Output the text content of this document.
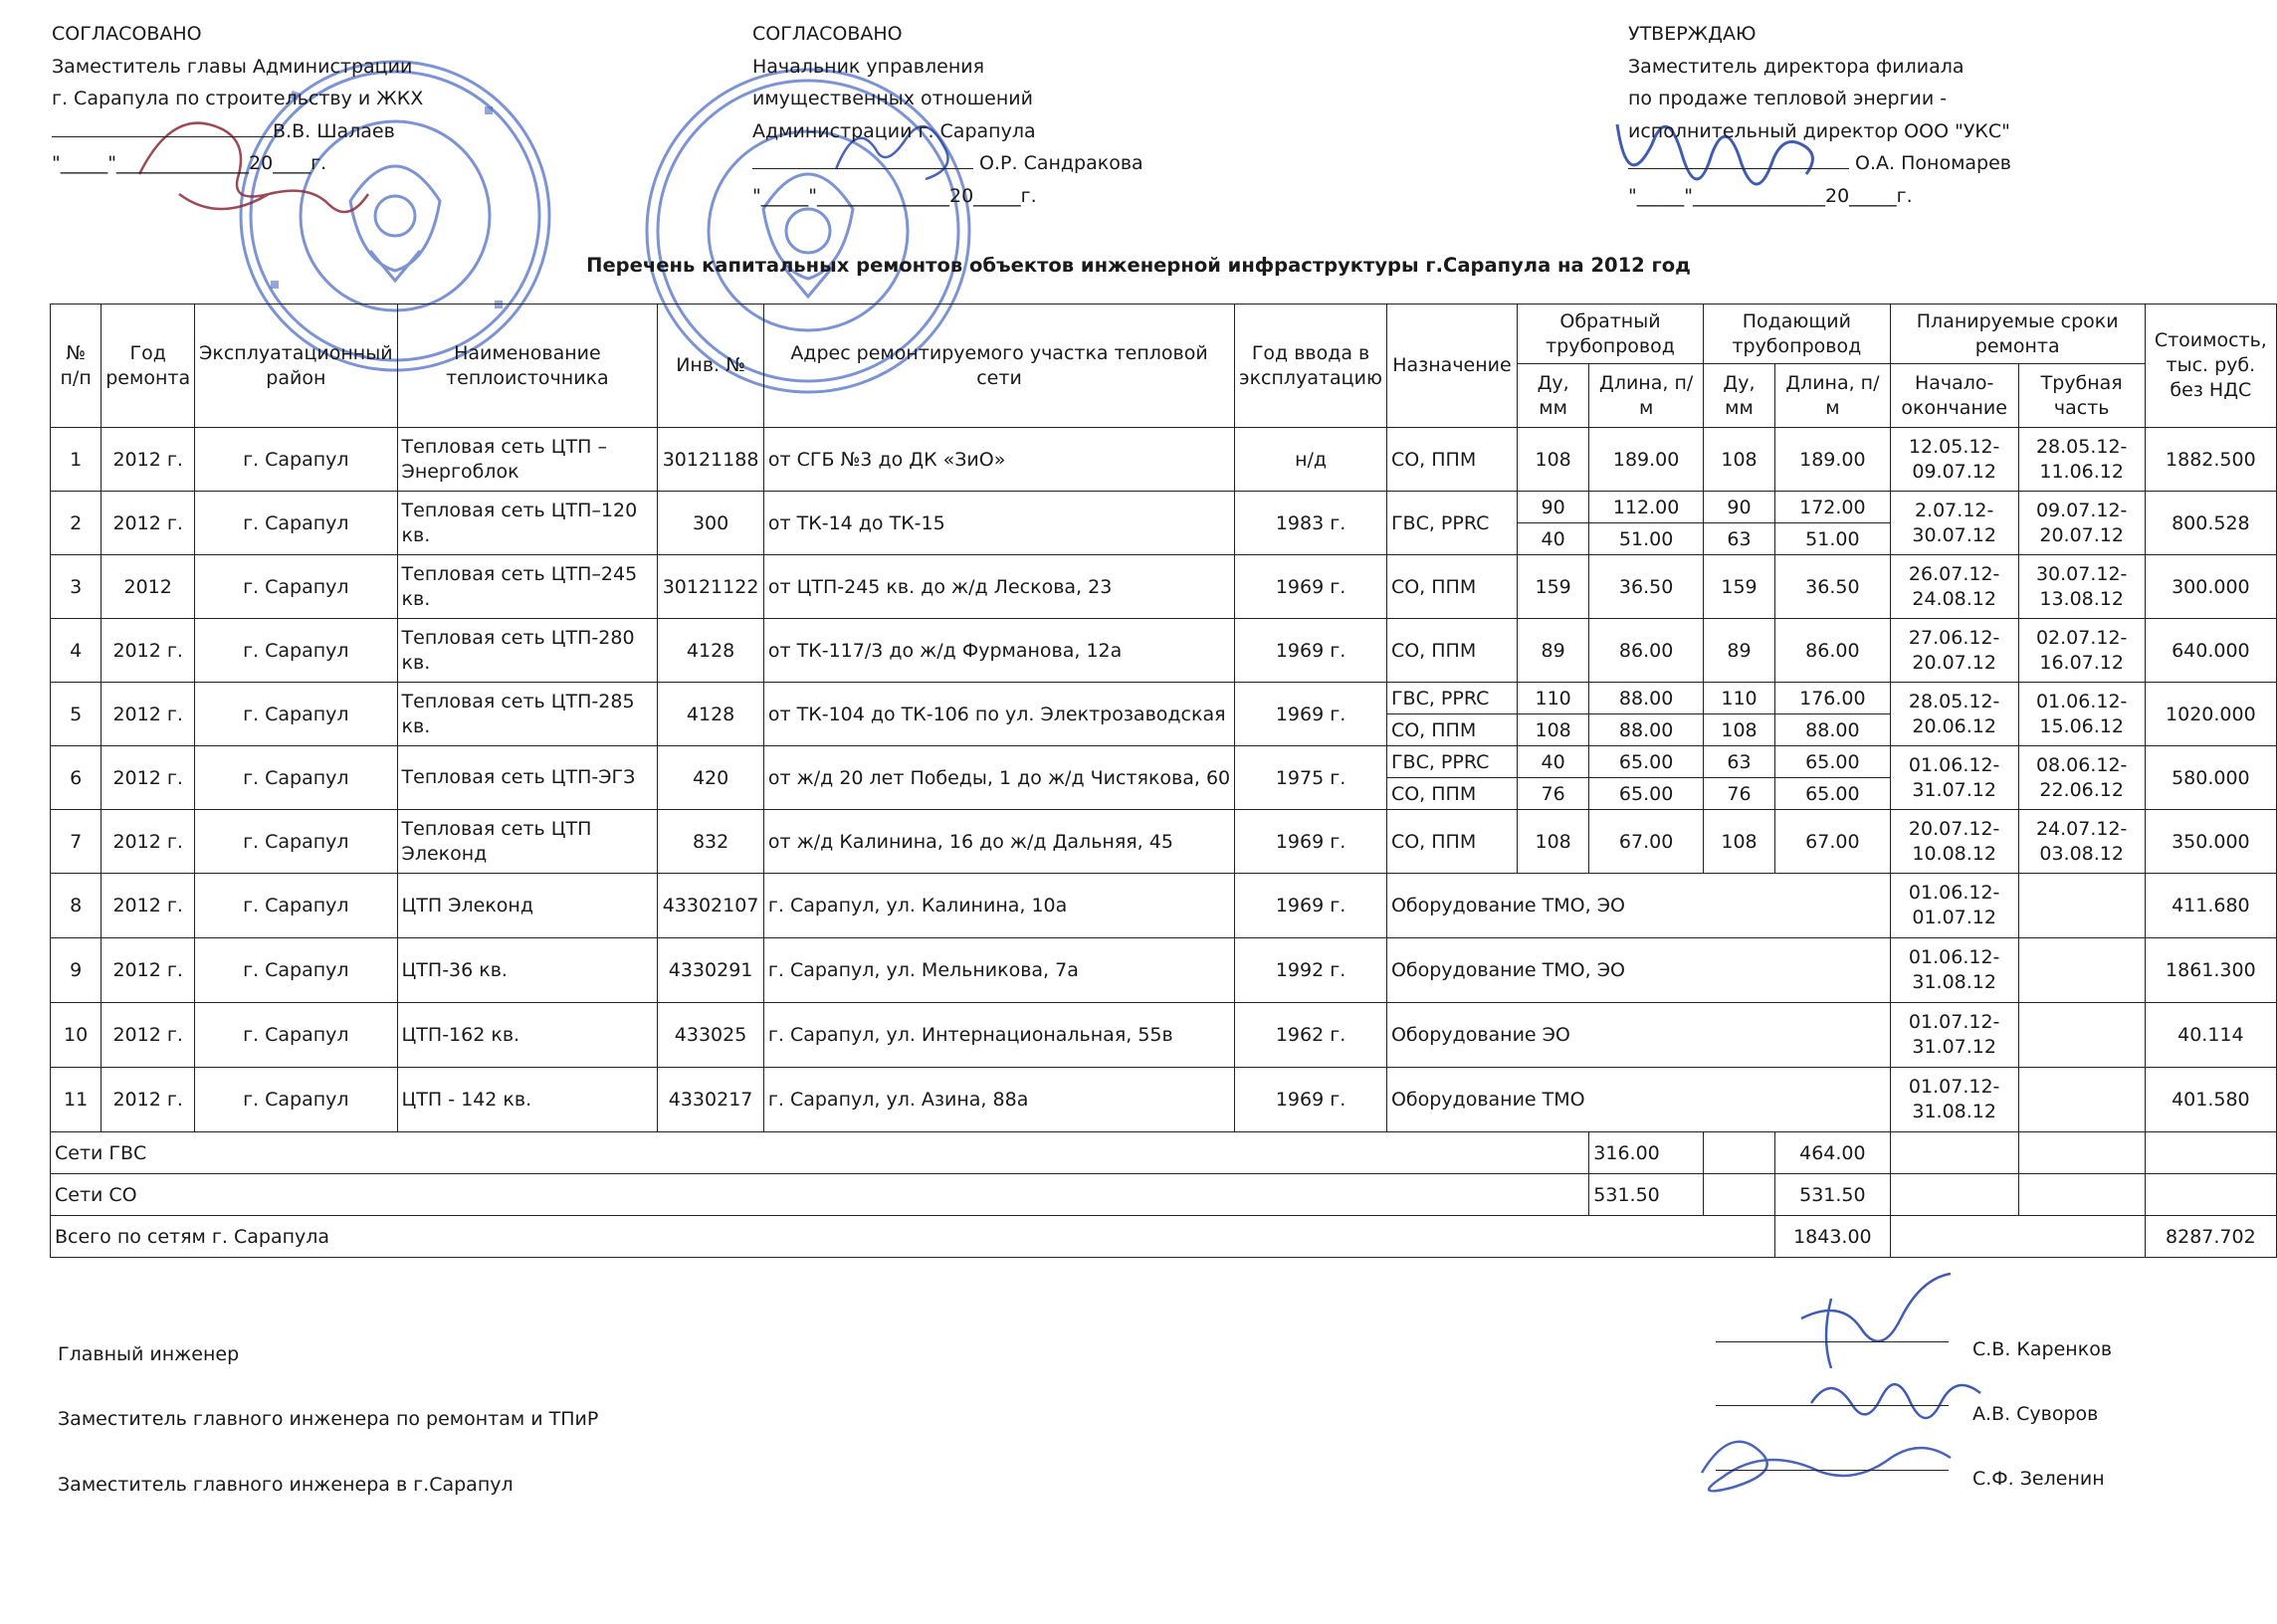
СОГЛАСОВАНО
Заместитель главы Администрации
г. Сарапула по строительству и ЖКХ
В.В. Шалаев
"_____"______________20____г.
СОГЛАСОВАНО
Начальник управления
имущественных отношений
Администрации г. Сарапула
О.Р. Сандракова
"_____"______________20_____г.
УТВЕРЖДАЮ
Заместитель директора филиала
по продаже тепловой энергии -
исполнительный директор ООО "УКС"
О.А. Пономарев
"_____"______________20_____г.
Перечень капитальных ремонтов объектов инженерной инфраструктуры г.Сарапула на 2012 год
№ п/п	Год ремонта	Эксплуатационный район	Наименование теплоисточника	Инв. №	Адрес ремонтируемого участка тепловой сети	Год ввода в эксплуатацию	Назначение	Обратный трубопровод		Подающий трубопровод		Планируемые сроки ремонта		Стоимость, тыс. руб. без НДС
								Ду, мм	Длина, п/м	Ду, мм	Длина, п/м	Начало-окончание	Трубная часть	
1	2012 г.	г. Сарапул	Тепловая сеть ЦТП – Энергоблок	30121188	от СГБ №3 до ДК «ЗиО»	н/д	СО, ППМ	108	189.00	108	189.00	12.05.12-09.07.12	28.05.12-11.06.12	1882.500
2	2012 г.	г. Сарапул	Тепловая сеть ЦТП–120 кв.	300	от ТК-14 до ТК-15	1983 г.	ГВС, PPRC	90	112.00	90	172.00	2.07.12-30.07.12	09.07.12-20.07.12	800.528
								40	51.00	63	51.00			
3	2012	г. Сарапул	Тепловая сеть ЦТП–245 кв.	30121122	от ЦТП-245 кв. до ж/д Лескова, 23	1969 г.	СО, ППМ	159	36.50	159	36.50	26.07.12-24.08.12	30.07.12-13.08.12	300.000
4	2012 г.	г. Сарапул	Тепловая сеть ЦТП-280 кв.	4128	от ТК-117/3 до ж/д Фурманова, 12а	1969 г.	СО, ППМ	89	86.00	89	86.00	27.06.12-20.07.12	02.07.12-16.07.12	640.000
5	2012 г.	г. Сарапул	Тепловая сеть ЦТП-285 кв.	4128	от ТК-104 до ТК-106 по ул. Электрозаводская	1969 г.	ГВС, PPRC	110	88.00	110	176.00	28.05.12-20.06.12	01.06.12-15.06.12	1020.000
							СО, ППМ	108	88.00	108	88.00			
6	2012 г.	г. Сарапул	Тепловая сеть ЦТП-ЭГЗ	420	от ж/д 20 лет Победы, 1 до ж/д Чистякова, 60	1975 г.	ГВС, PPRC	40	65.00	63	65.00	01.06.12-31.07.12	08.06.12-22.06.12	580.000
							СО, ППМ	76	65.00	76	65.00			
7	2012 г.	г. Сарапул	Тепловая сеть ЦТП Элеконд	832	от ж/д Калинина, 16 до ж/д Дальняя, 45	1969 г.	СО, ППМ	108	67.00	108	67.00	20.07.12-10.08.12	24.07.12-03.08.12	350.000
8	2012 г.	г. Сарапул	ЦТП Элеконд	43302107	г. Сарапул, ул. Калинина, 10а	1969 г.	Оборудование ТМО, ЭО					01.06.12-01.07.12		411.680
9	2012 г.	г. Сарапул	ЦТП-36 кв.	4330291	г. Сарапул, ул. Мельникова, 7а	1992 г.	Оборудование ТМО, ЭО					01.06.12-31.08.12		1861.300
10	2012 г.	г. Сарапул	ЦТП-162 кв.	433025	г. Сарапул, ул. Интернациональная, 55в	1962 г.	Оборудование ЭО					01.07.12-31.07.12		40.114
11	2012 г.	г. Сарапул	ЦТП - 142 кв.	4330217	г. Сарапул, ул. Азина, 88а	1969 г.	Оборудование ТМО					01.07.12-31.08.12		401.580
Сети ГВС									316.00		464.00			
Сети СО									531.50		531.50			
Всего по сетям г. Сарапула											1843.00			8287.702
Главный инженер	С.В. Каренков
Заместитель главного инженера по ремонтам и ТПиР	А.В. Суворов
Заместитель главного инженера в г.Сарапул	С.Ф. Зеленин
